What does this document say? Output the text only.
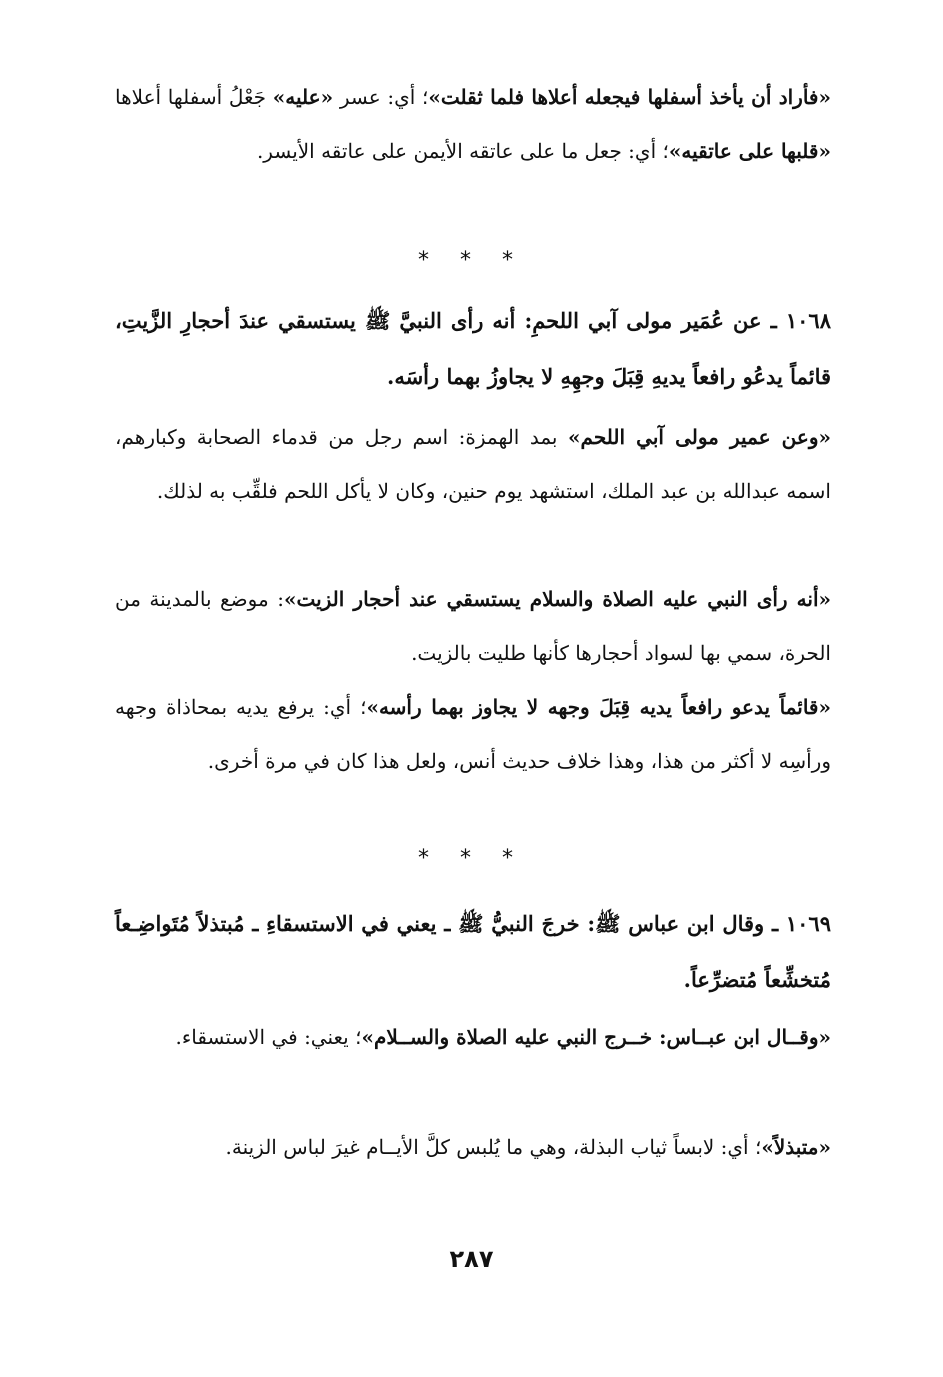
«فأراد أن يأخذ أسفلها فيجعله أعلاها فلما ثقلت»؛ أي: عسر «عليه» جَعْلُ أسفلها أعلاها «قلبها على عاتقيه»؛ أي: جعل ما على عاتقه الأيمن على عاتقه الأيسر.

* * *

١٠٦٨ ـ عن عُمَير مولى آبي اللحمِ: أنه رأى النبيَّ ﷺ يستسقي عندَ أحجارِ الزَّيتِ، قائماً يدعُو رافعاً يديهِ قِبَلَ وجهِهِ لا يجاوزُ بهما رأسَه.

«وعن عمير مولى آبي اللحم» بمد الهمزة: اسم رجل من قدماء الصحابة وكبارهم، اسمه عبدالله بن عبد الملك، استشهد يوم حنين، وكان لا يأكل اللحم فلقِّب به لذلك.

«أنه رأى النبي عليه الصلاة والسلام يستسقي عند أحجار الزيت»: موضع بالمدينة من الحرة، سمي بها لسواد أحجارها كأنها طليت بالزيت.

«قائماً يدعو رافعاً يديه قِبَلَ وجهه لا يجاوز بهما رأسه»؛ أي: يرفع يديه بمحاذاة وجهه ورأسِه لا أكثر من هذا، وهذا خلاف حديث أنس، ولعل هذا كان في مرة أخرى.

* * *

١٠٦٩ ـ وقال ابن عباس ﷺ: خرجَ النبيُّ ﷺ ـ يعني في الاستسقاءِ ـ مُبتذلاً مُتَواضِـعاً مُتخشِّعاً مُتضرِّعاً.

«وقــال ابن عبــاس: خــرج النبي عليه الصلاة والســلام»؛ يعني: في الاستسقاء.

«متبذلاً»؛ أي: لابساً ثياب البذلة، وهي ما يُلبس كلَّ الأيــام غيرَ لباس الزينة.

٢٨٧
